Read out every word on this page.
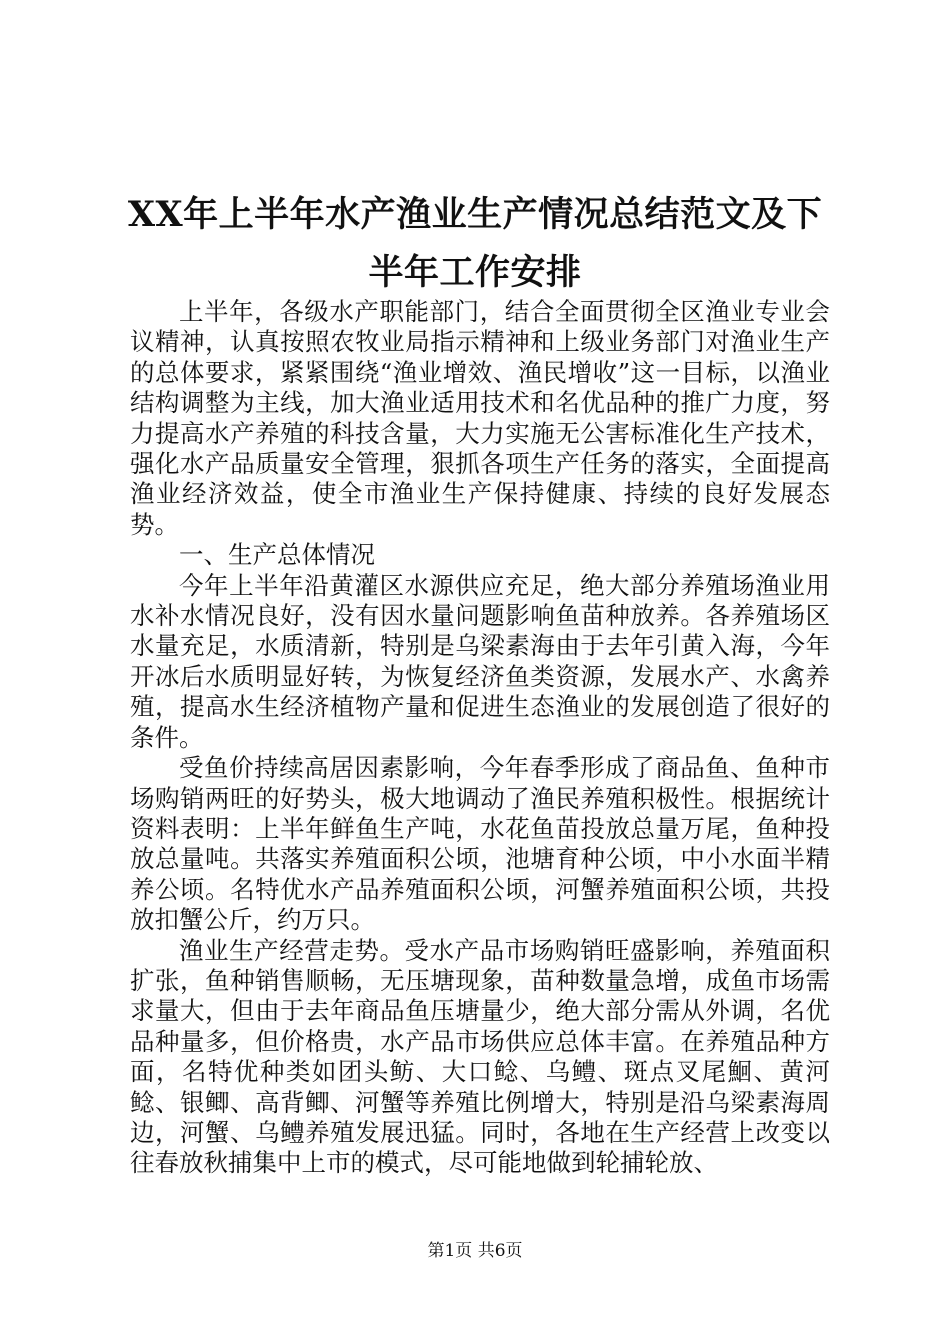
XX年上半年水产渔业生产情况总结范文及下
半年工作安排

上半年，各级水产职能部门，结合全面贯彻全区渔业专业会议精神，认真按照农牧业局指示精神和上级业务部门对渔业生产的总体要求，紧紧围绕“渔业增效、渔民增收”这一目标，以渔业结构调整为主线，加大渔业适用技术和名优品种的推广力度，努力提高水产养殖的科技含量，大力实施无公害标准化生产技术，强化水产品质量安全管理，狠抓各项生产任务的落实，全面提高渔业经济效益，使全市渔业生产保持健康、持续的良好发展态势。

一、生产总体情况

今年上半年沿黄灌区水源供应充足，绝大部分养殖场渔业用水补水情况良好，没有因水量问题影响鱼苗种放养。各养殖场区水量充足，水质清新，特别是乌梁素海由于去年引黄入海，今年开冰后水质明显好转，为恢复经济鱼类资源，发展水产、水禽养殖，提高水生经济植物产量和促进生态渔业的发展创造了很好的条件。

受鱼价持续高居因素影响，今年春季形成了商品鱼、鱼种市场购销两旺的好势头，极大地调动了渔民养殖积极性。根据统计资料表明：上半年鲜鱼生产吨，水花鱼苗投放总量万尾，鱼种投放总量吨。共落实养殖面积公顷，池塘育种公顷，中小水面半精养公顷。名特优水产品养殖面积公顷，河蟹养殖面积公顷，共投放扣蟹公斤，约万只。

渔业生产经营走势。受水产品市场购销旺盛影响，养殖面积扩张，鱼种销售顺畅，无压塘现象，苗种数量急增，成鱼市场需求量大，但由于去年商品鱼压塘量少，绝大部分需从外调，名优品种量多，但价格贵，水产品市场供应总体丰富。在养殖品种方面，名特优种类如团头鲂、大口鲶、乌鳢、斑点叉尾鮰、黄河鲶、银鲫、高背鲫、河蟹等养殖比例增大，特别是沿乌梁素海周边，河蟹、乌鳢养殖发展迅猛。同时，各地在生产经营上改变以往春放秋捕集中上市的模式，尽可能地做到轮捕轮放、

第1页 共6页
